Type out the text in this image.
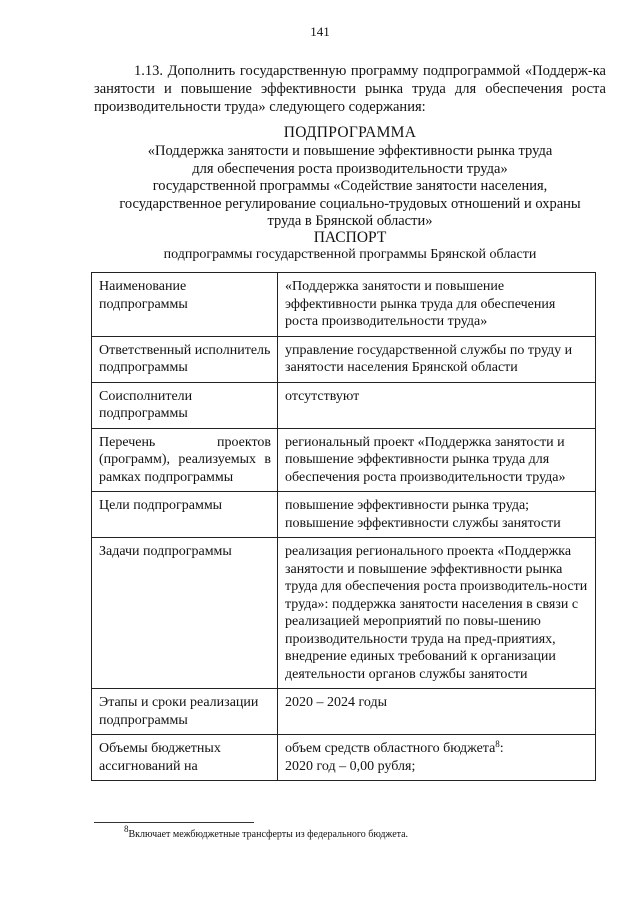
141

1.13. Дополнить государственную программу подпрограммой «Поддерж-ка занятости и повышение эффективности рынка труда для обеспечения роста производительности труда» следующего содержания:

ПОДПРОГРАММА
«Поддержка занятости и повышение эффективности рынка труда
для обеспечения роста производительности труда»
государственной программы «Содействие занятости населения,
государственное регулирование социально-трудовых отношений и охраны
труда в Брянской области»
ПАСПОРТ
подпрограммы государственной программы Брянской области
Наименование подпрограммы	«Поддержка занятости и повышение эффективности рынка труда для обеспечения роста производительности труда»
Ответственный исполнитель подпрограммы	управление государственной службы по труду и занятости населения Брянской области
Соисполнители подпрограммы	отсутствуют
Перечень проектов (программ), реализуемых в рамках подпрограммы	региональный проект «Поддержка занятости и повышение эффективности рынка труда для обеспечения роста производительности труда»
Цели подпрограммы	повышение эффективности рынка труда; повышение эффективности службы занятости
Задачи подпрограммы	реализация регионального проекта «Поддержка занятости и повышение эффективности рынка труда для обеспечения роста производитель-ности труда»: поддержка занятости населения в связи с реализацией мероприятий по повы-шению производительности труда на пред-приятиях, внедрение единых требований к организации деятельности органов службы занятости
Этапы и сроки реализации подпрограммы	2020 – 2024 годы
Объемы бюджетных ассигнований на	объем средств областного бюджета$^8$:
2020 год – 0,00 рубля;
$^8$Включает межбюджетные трансферты из федерального бюджета.
